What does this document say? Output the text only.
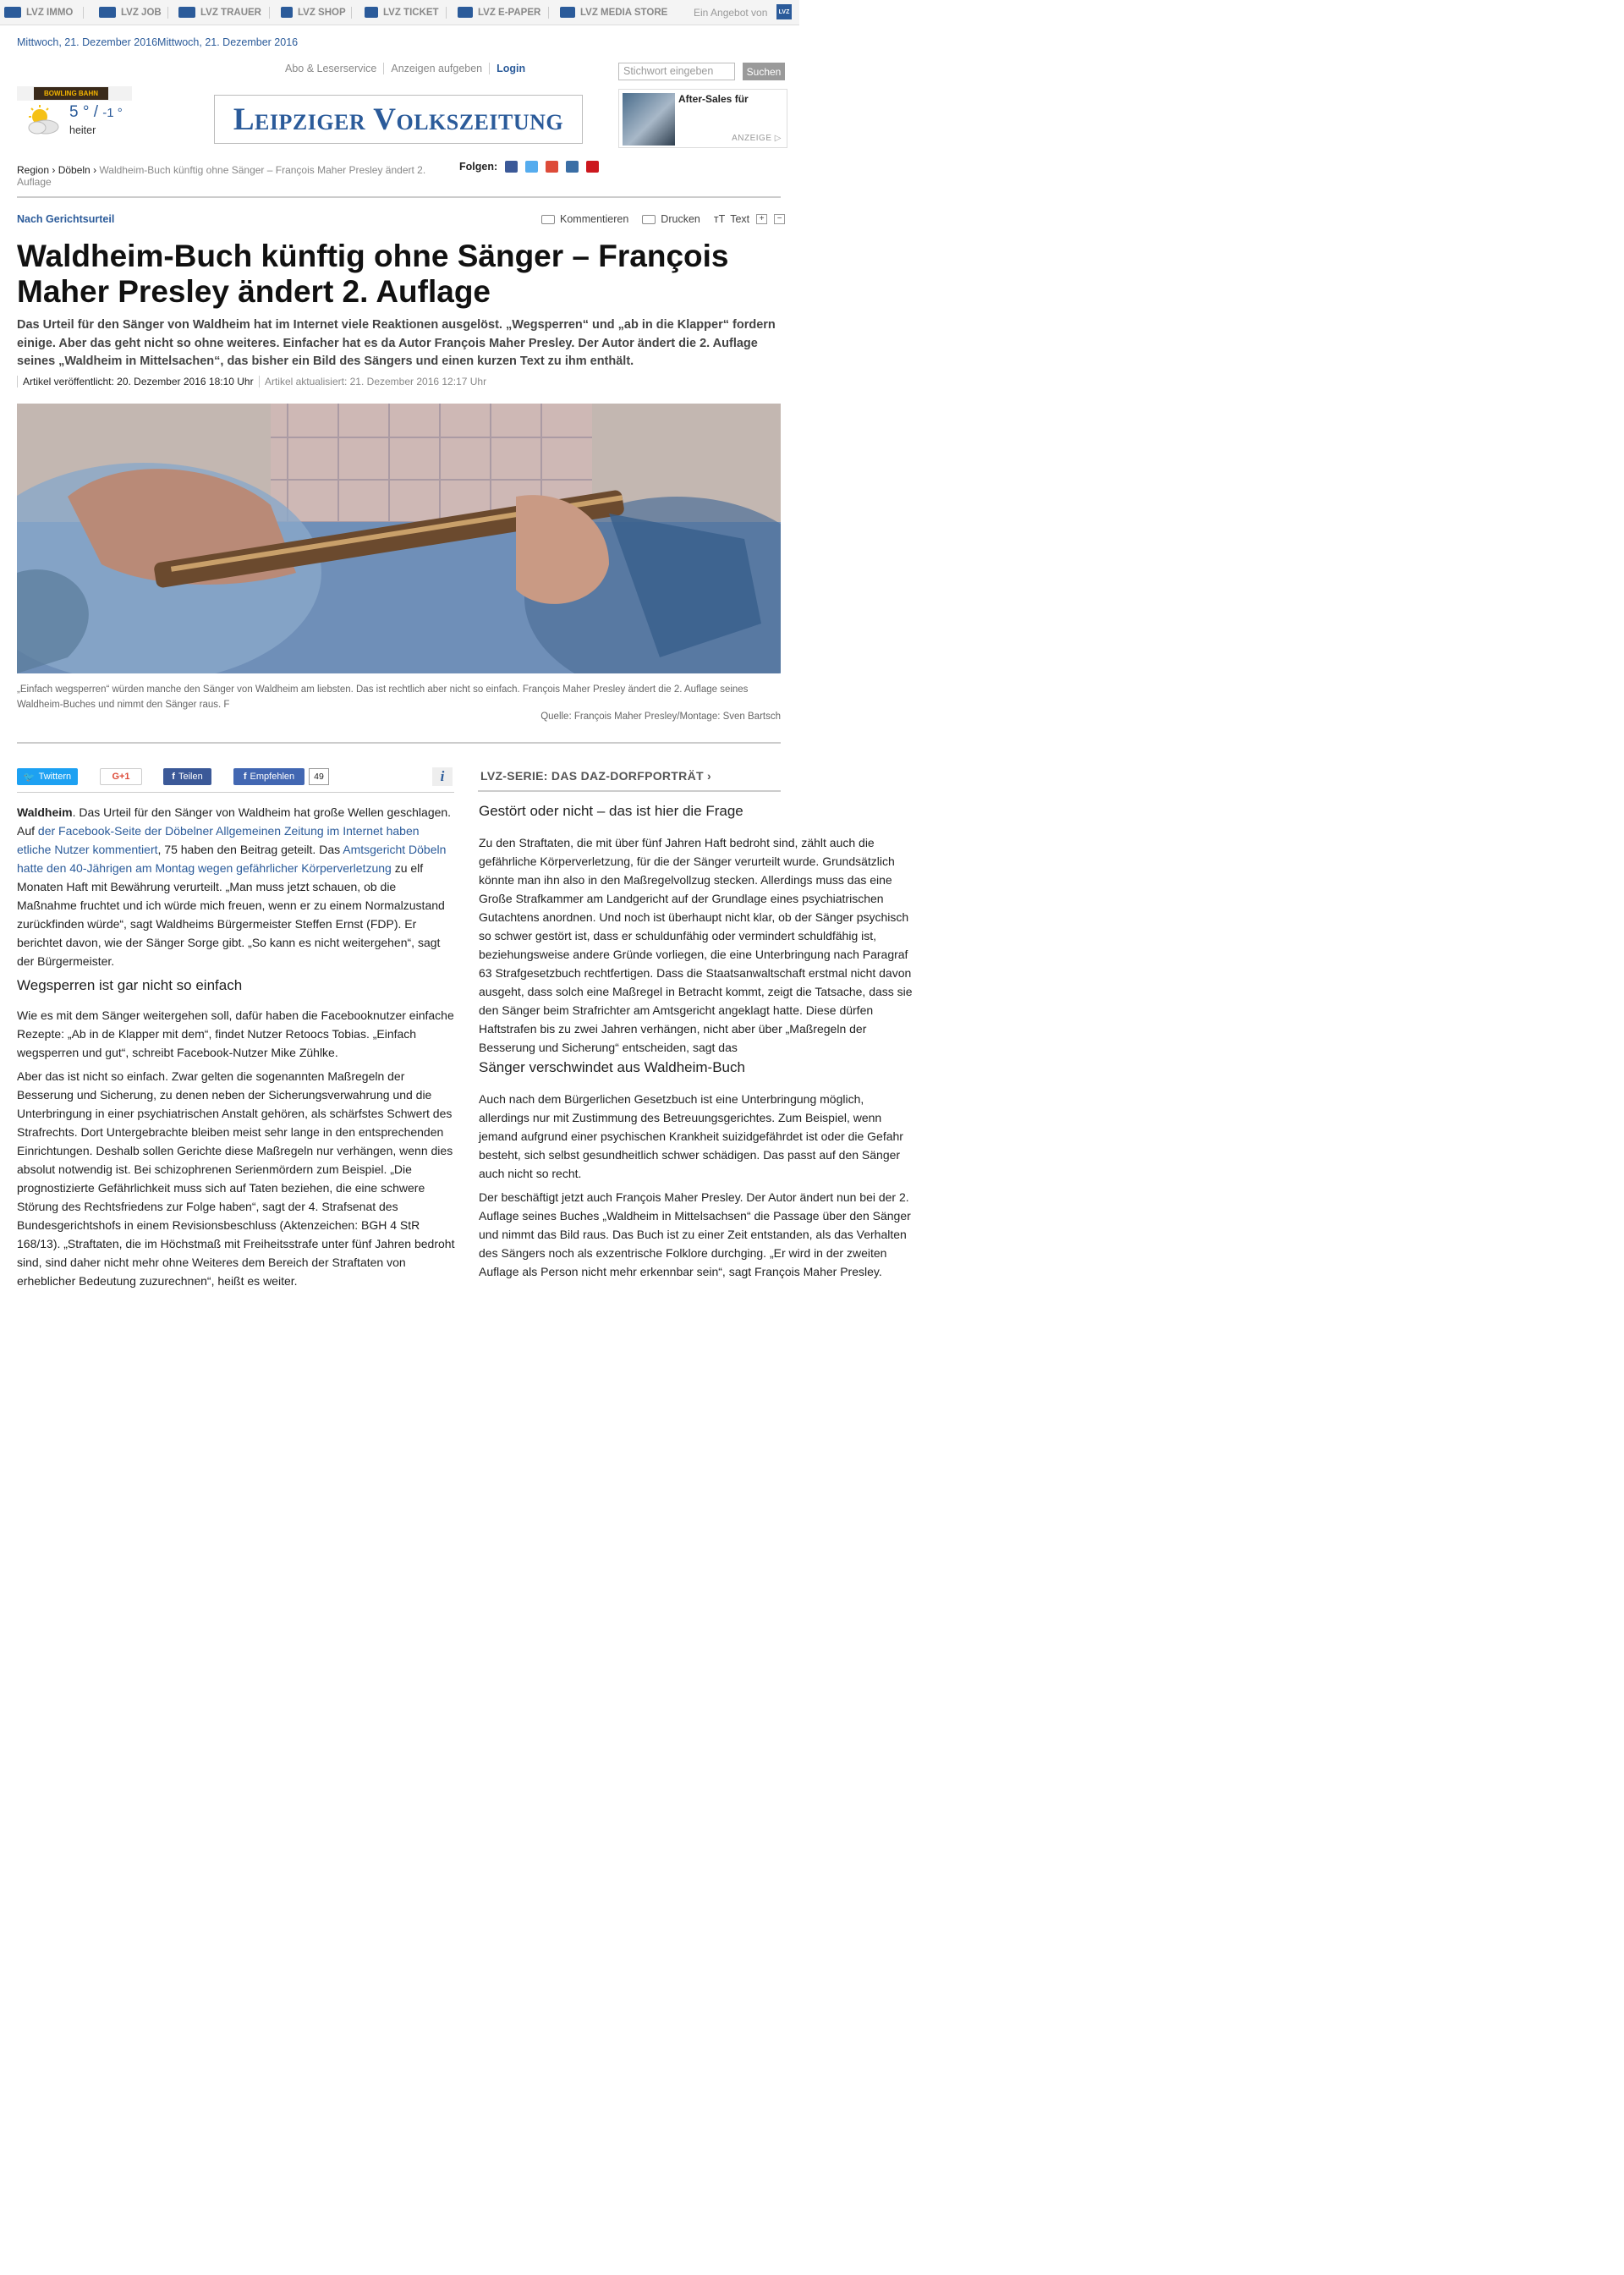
LVZ IMMO	LVZ JOB	LVZ TRAUER	LVZ SHOP	LVZ TICKET	LVZ E-PAPER	LVZ MEDIA STORE	Ein Angebot von	LVZ
Mittwoch, 21. Dezember 2016Mittwoch, 21. Dezember 2016
Abo & Leserservice	Anzeigen aufgeben	Login	Stichwort eingeben	Suchen
BOWLING BAHN
5 ° / -1 °
heiter	Leipziger Volkszeitung
After-Sales für
ANZEIGE ▷
Region › Döbeln › Waldheim-Buch künftig ohne Sänger – François Maher Presley ändert 2. Auflage
Folgen:
Nach Gerichtsurteil	Kommentieren	Drucken тT Text	+	−
Waldheim-Buch künftig ohne Sänger – François Maher Presley ändert 2. Auflage
Das Urteil für den Sänger von Waldheim hat im Internet viele Reaktionen ausgelöst. „Wegsperren“ und „ab in die Klapper“ fordern einige. Aber das geht nicht so ohne weiteres. Einfacher hat es da Autor François Maher Presley. Der Autor ändert die 2. Auflage seines „Waldheim in Mittelsachen“, das bisher ein Bild des Sängers und einen kurzen Text zu ihm enthält.
Artikel veröffentlicht: 20. Dezember 2016 18:10 Uhr Artikel aktualisiert: 21. Dezember 2016 12:17 Uhr
„Einfach wegsperren“ würden manche den Sänger von Waldheim am liebsten. Das ist rechtlich aber nicht so einfach. François Maher Presley ändert die 2. Auflage seines Waldheim-Buches und nimmt den Sänger raus. F
Quelle: François Maher Presley/Montage: Sven Bartsch
🐦 Twittern	G+1	f Teilen	f Empfehlen	49	i	LVZ-SERIE: DAS DAZ-DORFPORTRÄT ›

Waldheim. Das Urteil für den Sänger von Waldheim hat große Wellen geschlagen. Auf der Facebook-Seite der Döbelner Allgemeinen Zeitung im Internet haben etliche Nutzer kommentiert, 75 haben den Beitrag geteilt. Das Amtsgericht Döbeln hatte den 40-Jährigen am Montag wegen gefährlicher Körperverletzung zu elf Monaten Haft mit Bewährung verurteilt. „Man muss jetzt schauen, ob die Maßnahme fruchtet und ich würde mich freuen, wenn er zu einem Normalzustand zurückfinden würde“, sagt Waldheims Bürgermeister Steffen Ernst (FDP). Er berichtet davon, wie der Sänger Sorge gibt. „So kann es nicht weitergehen“, sagt der Bürgermeister.

Wegsperren ist gar nicht so einfach

Wie es mit dem Sänger weitergehen soll, dafür haben die Facebooknutzer einfache Rezepte: „Ab in de Klapper mit dem“, findet Nutzer Retoocs Tobias. „Einfach wegsperren und gut“, schreibt Facebook-Nutzer Mike Zühlke.

Aber das ist nicht so einfach. Zwar gelten die sogenannten Maßregeln der Besserung und Sicherung, zu denen neben der Sicherungsverwahrung und die Unterbringung in einer psychiatrischen Anstalt gehören, als schärfstes Schwert des Strafrechts. Dort Untergebrachte bleiben meist sehr lange in den entsprechenden Einrichtungen. Deshalb sollen Gerichte diese Maßregeln nur verhängen, wenn dies absolut notwendig ist. Bei schizophrenen Serienmördern zum Beispiel. „Die prognostizierte Gefährlichkeit muss sich auf Taten beziehen, die eine schwere Störung des Rechtsfriedens zur Folge haben“, sagt der 4. Strafsenat des Bundesgerichtshofs in einem Revisionsbeschluss (Aktenzeichen: BGH 4 StR 168/13). „Straftaten, die im Höchstmaß mit Freiheitsstrafe unter fünf Jahren bedroht sind, sind daher nicht mehr ohne Weiteres dem Bereich der Straftaten von erheblicher Bedeutung zuzurechnen“, heißt es weiter.

Gestört oder nicht – das ist hier die Frage

Zu den Straftaten, die mit über fünf Jahren Haft bedroht sind, zählt auch die gefährliche Körperverletzung, für die der Sänger verurteilt wurde. Grundsätzlich könnte man ihn also in den Maßregelvollzug stecken. Allerdings muss das eine Große Strafkammer am Landgericht auf der Grundlage eines psychiatrischen Gutachtens anordnen. Und noch ist überhaupt nicht klar, ob der Sänger psychisch so schwer gestört ist, dass er schuldunfähig oder vermindert schuldfähig ist, beziehungsweise andere Gründe vorliegen, die eine Unterbringung nach Paragraf 63 Strafgesetzbuch rechtfertigen. Dass die Staatsanwaltschaft erstmal nicht davon ausgeht, dass solch eine Maßregel in Betracht kommt, zeigt die Tatsache, dass sie den Sänger beim Strafrichter am Amtsgericht angeklagt hatte. Diese dürfen Haftstrafen bis zu zwei Jahren verhängen, nicht aber über „Maßregeln der Besserung und Sicherung“ entscheiden, sagt das

Sänger verschwindet aus Waldheim-Buch

Auch nach dem Bürgerlichen Gesetzbuch ist eine Unterbringung möglich, allerdings nur mit Zustimmung des Betreuungsgerichtes. Zum Beispiel, wenn jemand aufgrund einer psychischen Krankheit suizidgefährdet ist oder die Gefahr besteht, sich selbst gesundheitlich schwer schädigen. Das passt auf den Sänger auch nicht so recht.

Der beschäftigt jetzt auch François Maher Presley. Der Autor ändert nun bei der 2. Auflage seines Buches „Waldheim in Mittelsachsen“ die Passage über den Sänger und nimmt das Bild raus. Das Buch ist zu einer Zeit entstanden, als das Verhalten des Sängers noch als exzentrische Folklore durchging. „Er wird in der zweiten Auflage als Person nicht mehr erkennbar sein“, sagt François Maher Presley.
